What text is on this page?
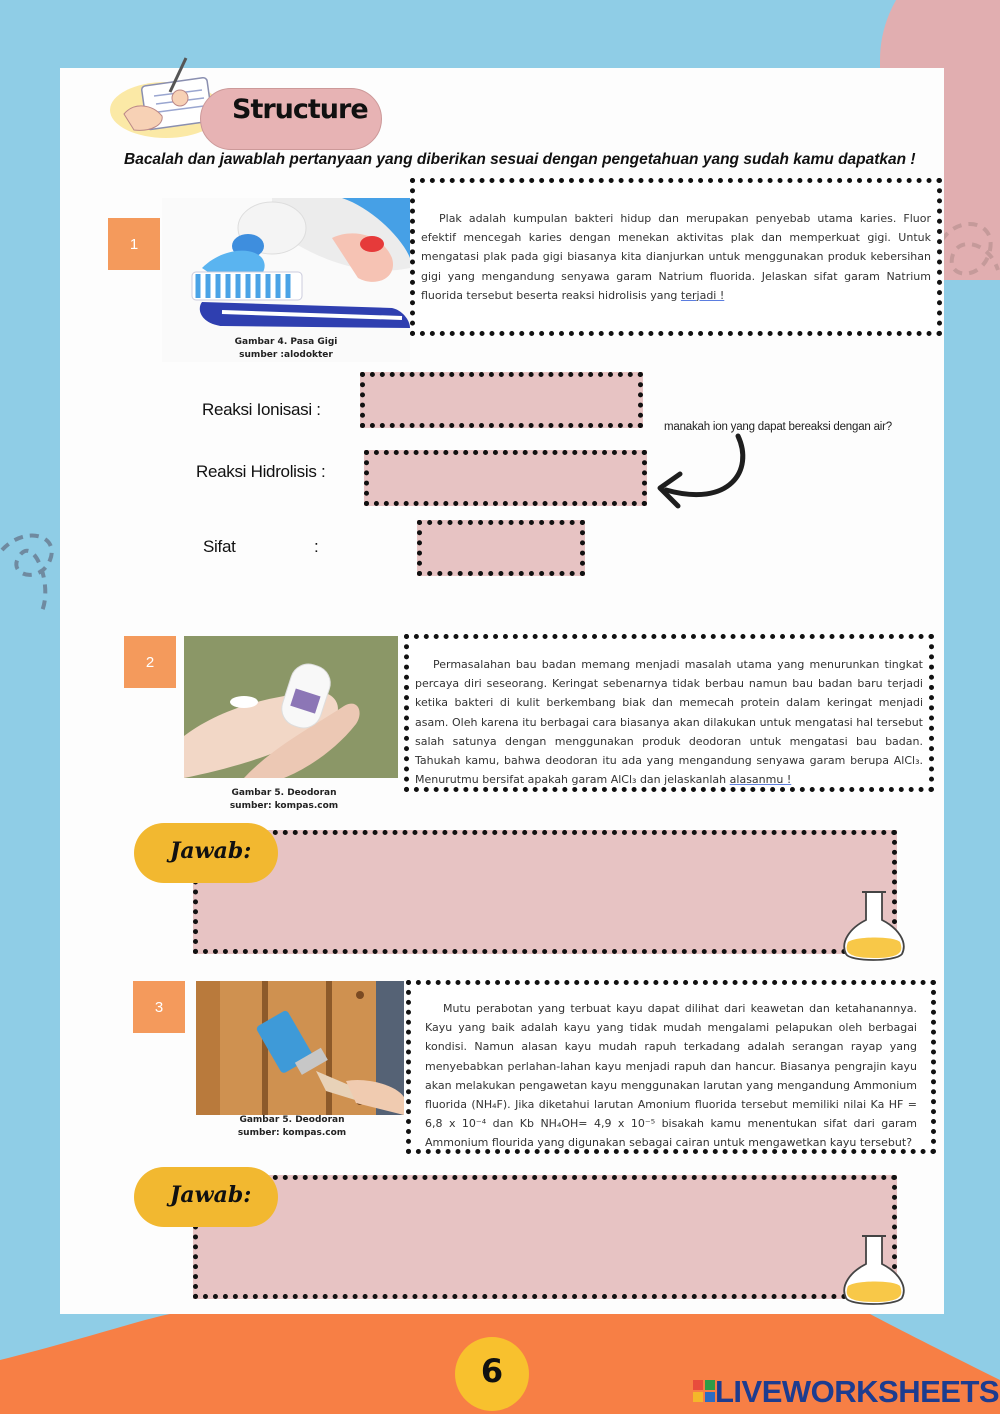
Structure
Bacalah dan jawablah pertanyaan yang diberikan sesuai dengan pengetahuan yang sudah kamu dapatkan !
1
Gambar 4. Pasa Gigi
sumber :alodokter

Plak adalah kumpulan bakteri hidup dan merupakan penyebab utama karies. Fluor efektif mencegah karies dengan menekan aktivitas plak dan memperkuat gigi. Untuk mengatasi plak pada gigi biasanya kita dianjurkan untuk menggunakan produk kebersihan gigi yang mengandung senyawa garam Natrium fluorida. Jelaskan sifat garam Natrium fluorida tersebut beserta reaksi hidrolisis yang terjadi !

Reaksi Ionisasi :
Reaksi Hidrolisis :
Sifat	:
manakah ion yang dapat bereaksi dengan air?
2
Gambar 5. Deodoran
sumber: kompas.com

Permasalahan bau badan memang menjadi masalah utama yang menurunkan tingkat percaya diri seseorang. Keringat sebenarnya tidak berbau namun bau badan baru terjadi ketika bakteri di kulit berkembang biak dan memecah protein dalam keringat menjadi asam. Oleh karena itu berbagai cara biasanya akan dilakukan untuk mengatasi hal tersebut salah satunya dengan menggunakan produk deodoran untuk mengatasi bau badan. Tahukah kamu, bahwa deodoran itu ada yang mengandung senyawa garam berupa AlCl₃. Menurutmu bersifat apakah garam AlCl₃ dan jelaskanlah alasanmu !

Jawab:
3
Gambar 5. Deodoran
sumber: kompas.com

Mutu perabotan yang terbuat kayu dapat dilihat dari keawetan dan ketahanannya. Kayu yang baik adalah kayu yang tidak mudah mengalami pelapukan oleh berbagai kondisi. Namun alasan kayu mudah rapuh terkadang adalah serangan rayap yang menyebabkan perlahan-lahan kayu menjadi rapuh dan hancur. Biasanya pengrajin kayu akan melakukan pengawetan kayu menggunakan larutan yang mengandung Ammonium fluorida (NH₄F). Jika diketahui larutan Amonium fluorida tersebut memiliki nilai Ka HF = 6,8 x 10⁻⁴ dan Kb NH₄OH= 4,9 x 10⁻⁵ bisakah kamu menentukan sifat dari garam Ammonium flourida yang digunakan sebagai cairan untuk mengawetkan kayu tersebut?

Jawab:
6
LIVEWORKSHEETS
